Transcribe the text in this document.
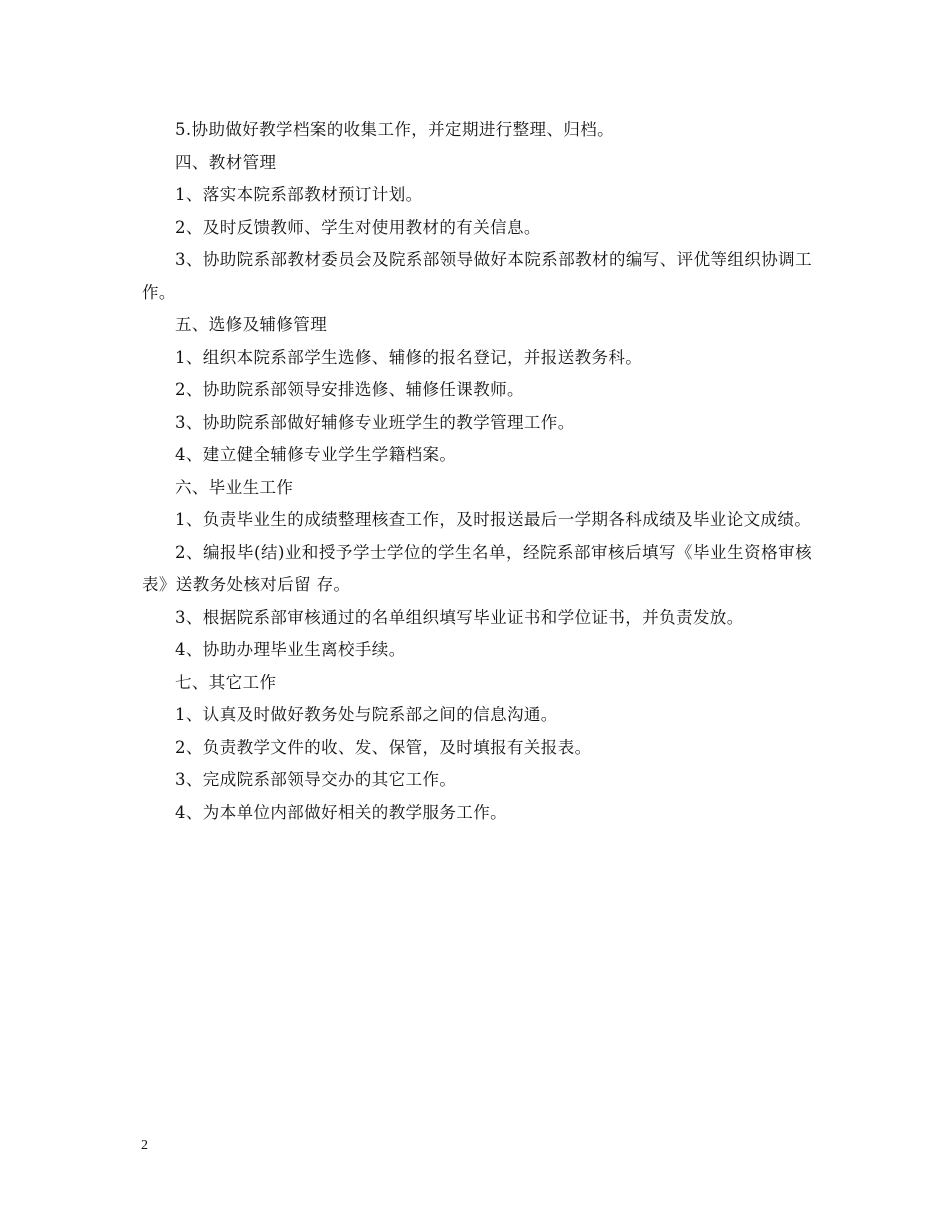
5.协助做好教学档案的收集工作，并定期进行整理、归档。

四、教材管理

1、落实本院系部教材预订计划。

2、及时反馈教师、学生对使用教材的有关信息。

3、协助院系部教材委员会及院系部领导做好本院系部教材的编写、评优等组织协调工作。

五、选修及辅修管理

1、组织本院系部学生选修、辅修的报名登记，并报送教务科。

2、协助院系部领导安排选修、辅修任课教师。

3、协助院系部做好辅修专业班学生的教学管理工作。

4、建立健全辅修专业学生学籍档案。

六、毕业生工作

1、负责毕业生的成绩整理核查工作，及时报送最后一学期各科成绩及毕业论文成绩。

2、编报毕(结)业和授予学士学位的学生名单，经院系部审核后填写《毕业生资格审核表》送教务处核对后留 存。

3、根据院系部审核通过的名单组织填写毕业证书和学位证书，并负责发放。

4、协助办理毕业生离校手续。

七、其它工作

1、认真及时做好教务处与院系部之间的信息沟通。

2、负责教学文件的收、发、保管，及时填报有关报表。

3、完成院系部领导交办的其它工作。

4、为本单位内部做好相关的教学服务工作。

2
